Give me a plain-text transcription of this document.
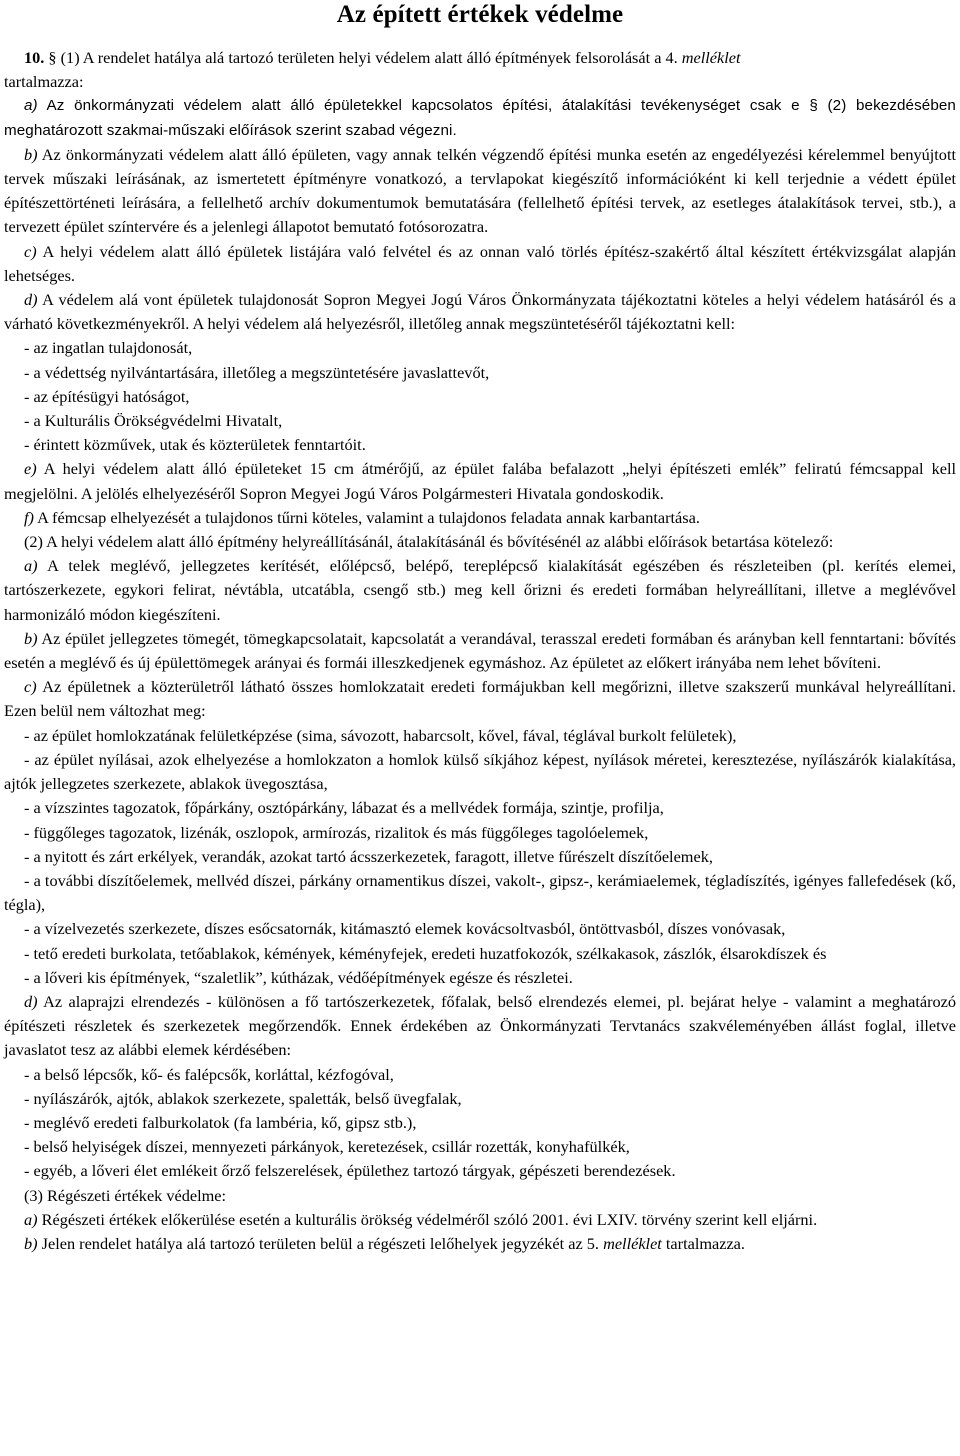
Az épített értékek védelme

10. § (1) A rendelet hatálya alá tartozó területen helyi védelem alatt álló építmények felsorolását a 4. melléklet
tartalmazza:

a) Az önkormányzati védelem alatt álló épületekkel kapcsolatos építési, átalakítási tevékenységet csak e § (2) bekezdésében meghatározott szakmai-műszaki előírások szerint szabad végezni.

b) Az önkormányzati védelem alatt álló épületen, vagy annak telkén végzendő építési munka esetén az engedélyezési kérelemmel benyújtott tervek műszaki leírásának, az ismertetett építményre vonatkozó, a tervlapokat kiegészítő információként ki kell terjednie a védett épület építészettörténeti leírására, a fellelhető archív dokumentumok bemutatására (fellelhető építési tervek, az esetleges átalakítások tervei, stb.), a tervezett épület színtervére és a jelenlegi állapotot bemutató fotósorozatra.

c) A helyi védelem alatt álló épületek listájára való felvétel és az onnan való törlés építész-szakértő által készített értékvizsgálat alapján lehetséges.

d) A védelem alá vont épületek tulajdonosát Sopron Megyei Jogú Város Önkormányzata tájékoztatni köteles a helyi védelem hatásáról és a várható következményekről. A helyi védelem alá helyezésről, illetőleg annak megszüntetéséről tájékoztatni kell:

- az ingatlan tulajdonosát,

- a védettség nyilvántartására, illetőleg a megszüntetésére javaslattevőt,

- az építésügyi hatóságot,

- a Kulturális Örökségvédelmi Hivatalt,

- érintett közművek, utak és közterületek fenntartóit.

e) A helyi védelem alatt álló épületeket 15 cm átmérőjű, az épület falába befalazott „helyi építészeti emlék” feliratú fémcsappal kell megjelölni. A jelölés elhelyezéséről Sopron Megyei Jogú Város Polgármesteri Hivatala gondoskodik.

f) A fémcsap elhelyezését a tulajdonos tűrni köteles, valamint a tulajdonos feladata annak karbantartása.

(2) A helyi védelem alatt álló építmény helyreállításánál, átalakításánál és bővítésénél az alábbi előírások betartása kötelező:

a) A telek meglévő, jellegzetes kerítését, előlépcső, belépő, tereplépcső kialakítását egészében és részleteiben (pl. kerítés elemei, tartószerkezete, egykori felirat, névtábla, utcatábla, csengő stb.) meg kell őrizni és eredeti formában helyreállítani, illetve a meglévővel harmonizáló módon kiegészíteni.

b) Az épület jellegzetes tömegét, tömegkapcsolatait, kapcsolatát a verandával, terasszal eredeti formában és arányban kell fenntartani: bővítés esetén a meglévő és új épülettömegek arányai és formái illeszkedjenek egymáshoz. Az épületet az előkert irányába nem lehet bővíteni.

c) Az épületnek a közterületről látható összes homlokzatait eredeti formájukban kell megőrizni, illetve szakszerű munkával helyreállítani. Ezen belül nem változhat meg:

- az épület homlokzatának felületképzése (sima, sávozott, habarcsolt, kővel, fával, téglával burkolt felületek),

- az épület nyílásai, azok elhelyezése a homlokzaton a homlok külső síkjához képest, nyílások méretei, keresztezése, nyílászárók kialakítása, ajtók jellegzetes szerkezete, ablakok üvegosztása,

- a vízszintes tagozatok, főpárkány, osztópárkány, lábazat és a mellvédek formája, szintje, profilja,

- függőleges tagozatok, lizénák, oszlopok, armírozás, rizalitok és más függőleges tagolóelemek,

- a nyitott és zárt erkélyek, verandák, azokat tartó ácsszerkezetek, faragott, illetve fűrészelt díszítőelemek,

- a további díszítőelemek, mellvéd díszei, párkány ornamentikus díszei, vakolt-, gipsz-, kerámiaelemek, tégladíszítés, igényes fallefedések (kő, tégla),

- a vízelvezetés szerkezete, díszes esőcsatornák, kitámasztó elemek kovácsoltvasból, öntöttvasból, díszes vonóvasak,

- tető eredeti burkolata, tetőablakok, kémények, kéményfejek, eredeti huzatfokozók, szélkakasok, zászlók, élsarokdíszek és

- a lőveri kis építmények, “szaletlik”, kútházak, védőépítmények egésze és részletei.

d) Az alaprajzi elrendezés - különösen a fő tartószerkezetek, főfalak, belső elrendezés elemei, pl. bejárat helye - valamint a meghatározó építészeti részletek és szerkezetek megőrzendők. Ennek érdekében az Önkormányzati Tervtanács szakvéleményében állást foglal, illetve javaslatot tesz az alábbi elemek kérdésében:

- a belső lépcsők, kő- és falépcsők, korláttal, kézfogóval,

- nyílászárók, ajtók, ablakok szerkezete, spaletták, belső üvegfalak,

- meglévő eredeti falburkolatok (fa lambéria, kő, gipsz stb.),

- belső helyiségek díszei, mennyezeti párkányok, keretezések, csillár rozetták, konyhafülkék,

- egyéb, a lőveri élet emlékeit őrző felszerelések, épülethez tartozó tárgyak, gépészeti berendezések.

(3) Régészeti értékek védelme:

a) Régészeti értékek előkerülése esetén a kulturális örökség védelméről szóló 2001. évi LXIV. törvény szerint kell eljárni.

b) Jelen rendelet hatálya alá tartozó területen belül a régészeti lelőhelyek jegyzékét az 5. melléklet tartalmazza.
